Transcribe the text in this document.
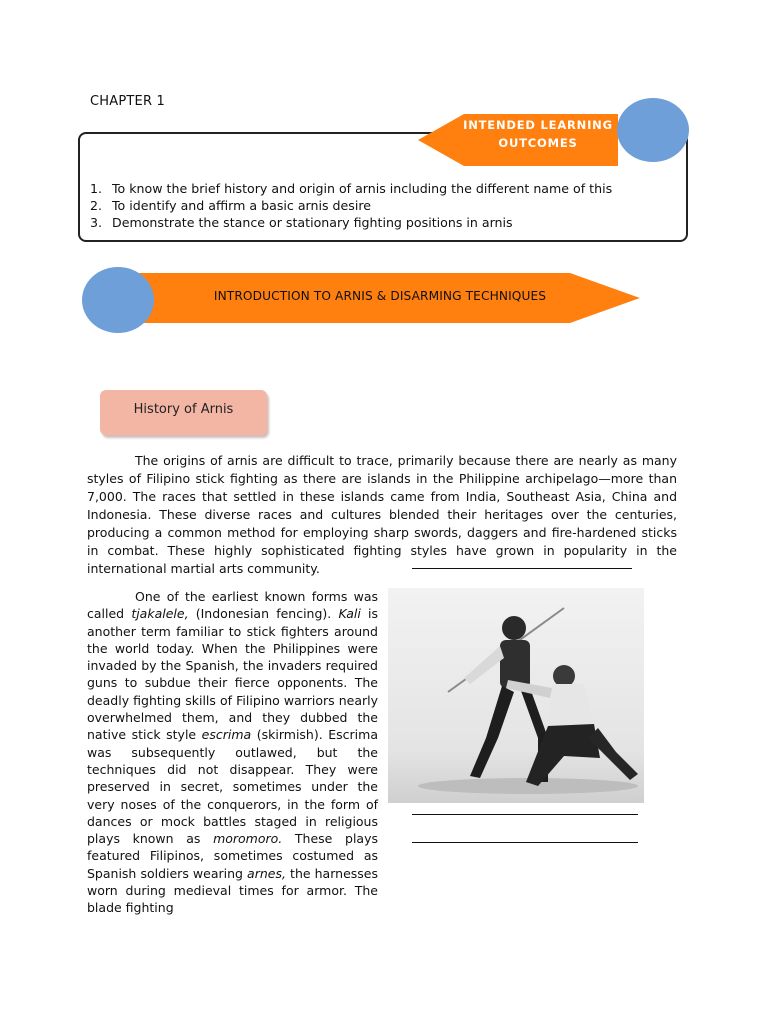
CHAPTER 1
1. To know the brief history and origin of arnis including the different name of this
2. To identify and affirm a basic arnis desire
3. Demonstrate the stance or stationary fighting positions in arnis
INTENDED LEARNING
OUTCOMES
INTRODUCTION TO ARNIS & DISARMING TECHNIQUES
History of Arnis

The origins of arnis are difficult to trace, primarily because there are nearly as many styles of Filipino stick fighting as there are islands in the Philippine archipelago—more than 7,000. The races that settled in these islands came from India, Southeast Asia, China and Indonesia. These diverse races and cultures blended their heritages over the centuries, producing a common method for employing sharp swords, daggers and fire-hardened sticks in combat. These highly sophisticated fighting styles have grown in popularity in the international martial arts community.

One of the earliest known forms was called tjakalele, (Indonesian fencing). Kali is another term familiar to stick fighters around the world today. When the Philippines were invaded by the Spanish, the invaders required guns to subdue their fierce opponents. The deadly fighting skills of Filipino warriors nearly overwhelmed them, and they dubbed the native stick style escrima (skirmish). Escrima was subsequently outlawed, but the techniques did not disappear. They were preserved in secret, sometimes under the very noses of the conquerors, in the form of dances or mock battles staged in religious plays known as moromoro. These plays featured Filipinos, sometimes costumed as Spanish soldiers wearing arnes, the harnesses worn during medieval times for armor. The blade fighting
